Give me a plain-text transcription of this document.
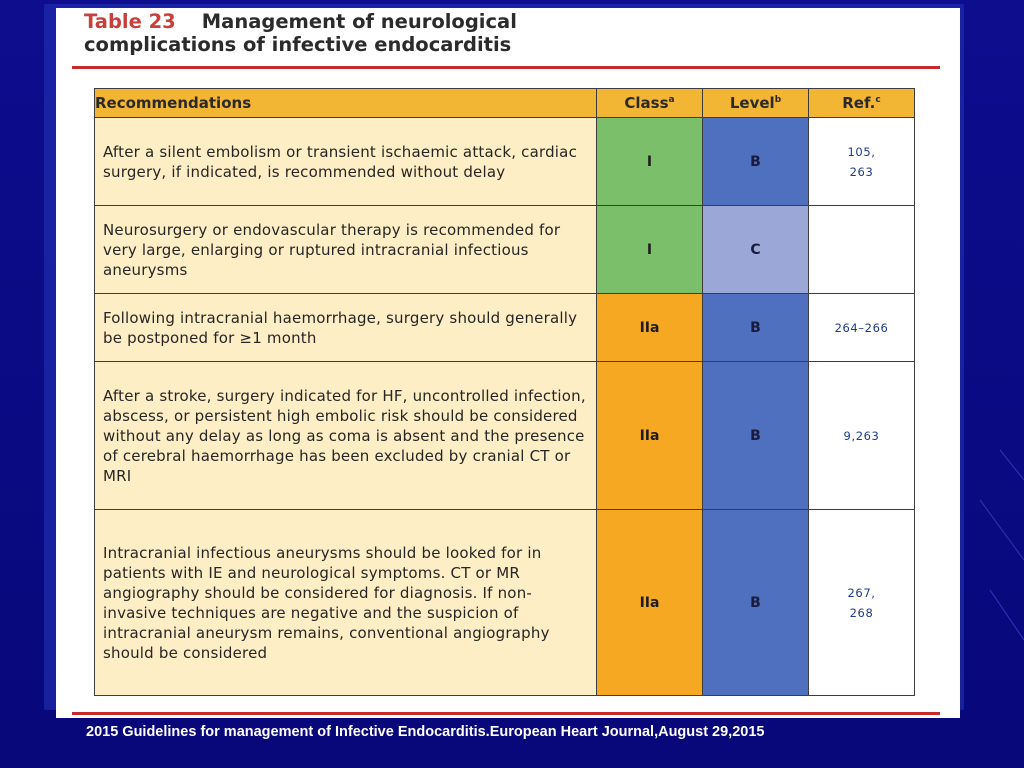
Table 23 Management of neurological
complications of infective endocarditis
Recommendations	Class$^a$	Level$^b$	Ref.$^c$
After a silent embolism or transient ischaemic attack, cardiac surgery, if indicated, is recommended without delay	I	B	105,
263

Neurosurgery or endovascular therapy is recommended for very large, enlarging or ruptured intracranial infectious aneurysms	I	C	

Following intracranial haemorrhage, surgery should generally be postponed for ≥1 month	IIa	B	264–266

After a stroke, surgery indicated for HF, uncontrolled infection, abscess, or persistent high embolic risk should be considered without any delay as long as coma is absent and the presence of cerebral haemorrhage has been excluded by cranial CT or MRI	IIa	B	9,263

Intracranial infectious aneurysms should be looked for in patients with IE and neurological symptoms. CT or MR angiography should be considered for diagnosis. If non-invasive techniques are negative and the suspicion of intracranial aneurysm remains, conventional angiography should be considered	IIa	B	267,
268
2015 Guidelines for management of Infective Endocarditis.European Heart Journal,August 29,2015
